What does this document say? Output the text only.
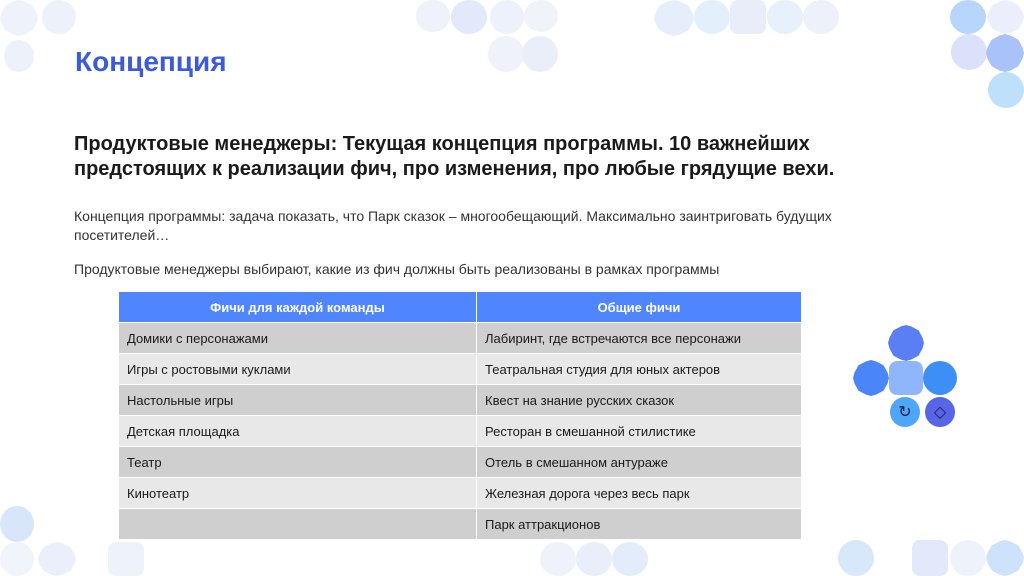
Концепция

Продуктовые менеджеры: Текущая концепция программы. 10 важнейших предстоящих к реализации фич, про изменения, про любые грядущие вехи.

Концепция программы: задача показать, что Парк сказок – многообещающий. Максимально заинтриговать будущих посетителей…

Продуктовые менеджеры выбирают, какие из фич должны быть реализованы в рамках программы

Фичи для каждой команды	Общие фичи
Домики с персонажами	Лабиринт, где встречаются все персонажи
Игры с ростовыми куклами	Театральная студия для юных актеров
Настольные игры	Квест на знание русских сказок
Детская площадка	Ресторан в смешанной стилистике
Театр	Отель в смешанном антураже
Кинотеатр	Железная дорога через весь парк
	Парк аттракционов
↻ ◇
